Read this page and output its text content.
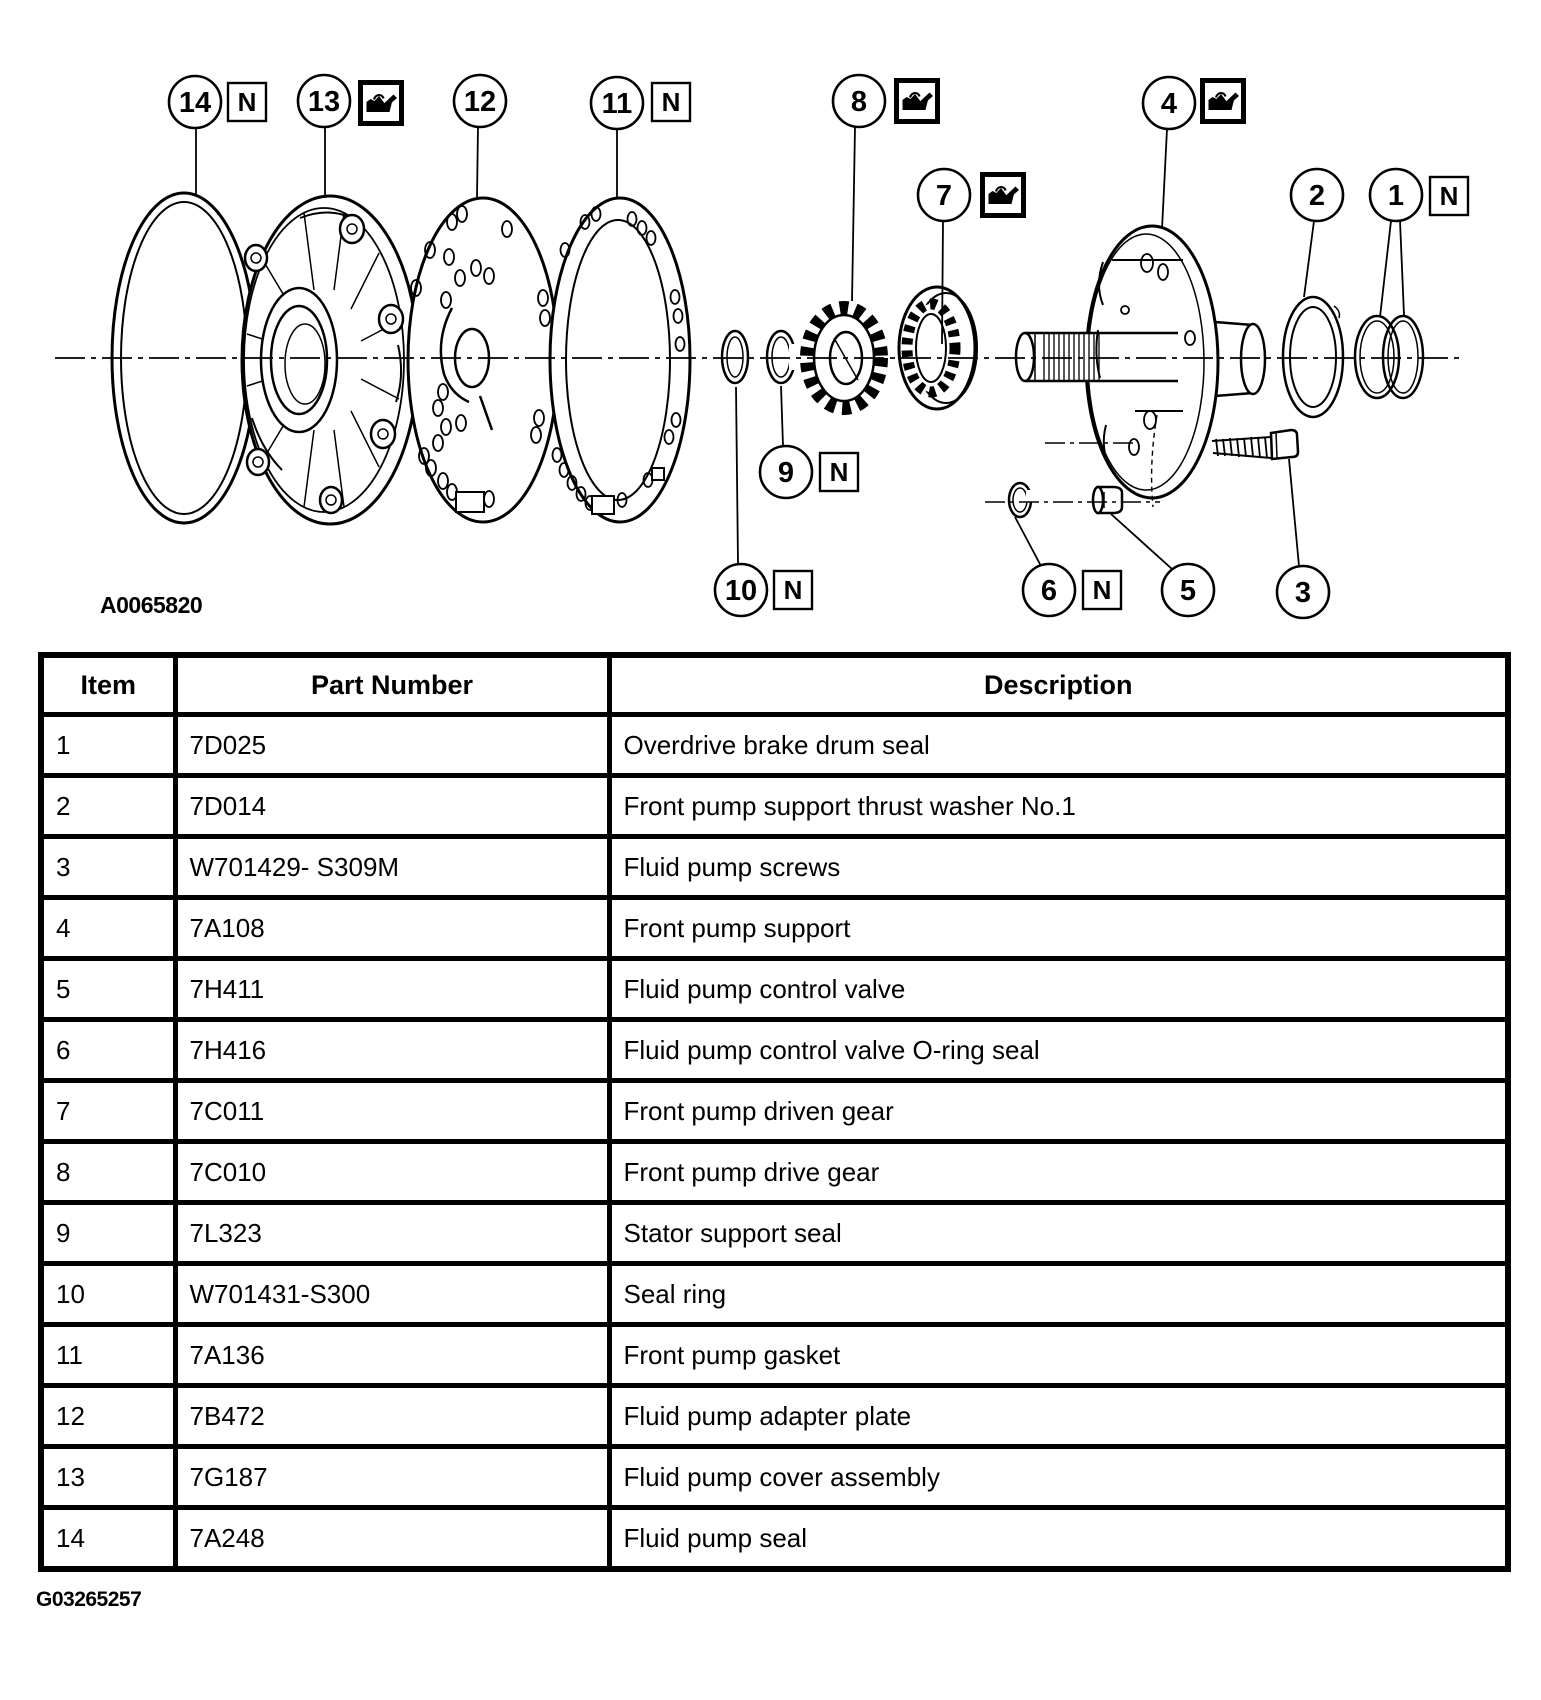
14 N 13	12	11 N	8
7
4
2 1 N
9 N
10 N	6 N 5	3
A0065820
Item	Part Number	Description
1	7D025	Overdrive brake drum seal
2	7D014	Front pump support thrust washer No.1
3	W701429- S309M	Fluid pump screws
4	7A108	Front pump support
5	7H411	Fluid pump control valve
6	7H416	Fluid pump control valve O-ring seal
7	7C011	Front pump driven gear
8	7C010	Front pump drive gear
9	7L323	Stator support seal
10	W701431-S300	Seal ring
11	7A136	Front pump gasket
12	7B472	Fluid pump adapter plate
13	7G187	Fluid pump cover assembly
14	7A248	Fluid pump seal
G03265257
